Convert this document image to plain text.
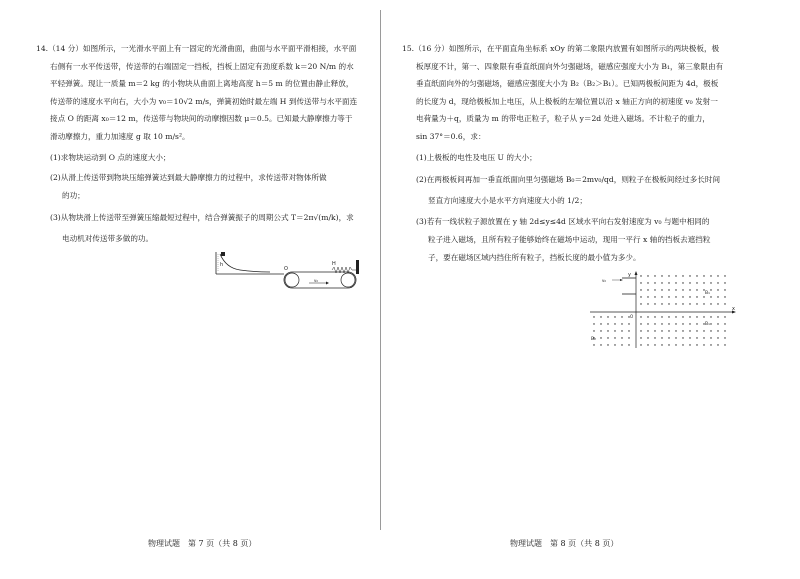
14.（14 分）如图所示，一光滑水平面上有一固定的光滑曲面，曲面与水平面平滑相接，水平面

右侧有一水平传送带，传送带的右端固定一挡板，挡板上固定有劲度系数 k＝20 N/m 的水

平轻弹簧。现让一质量 m＝2 kg 的小物块从曲面上离地高度 h＝5 m 的位置由静止释放，

传送带的速度水平向右，大小为 v₀＝10√2 m/s，弹簧初始时最左端 H 到传送带与水平面连

接点 O 的距离 x₀＝12 m，传送带与物块间的动摩擦因数 μ＝0.5。已知最大静摩擦力等于

滑动摩擦力，重力加速度 g 取 10 m/s²。

(1)求物块运动到 O 点的速度大小；

(2)从滑上传送带到物块压缩弹簧达到最大静摩擦力的过程中，求传送带对物体所做

的功；

(3)从物块滑上传送带至弹簧压缩最短过程中，结合弹簧振子的周期公式 T＝2π√(m/k)，求

电动机对传送带多做的功。

h
O
v₀
H

15.（16 分）如图所示，在平面直角坐标系 xOy 的第二象限内放置有如图所示的两块极板，极

板厚度不计，第一、四象限有垂直纸面向外匀强磁场，磁感应强度大小为 B₁，第三象限由有

垂直纸面向外的匀强磁场，磁感应强度大小为 B₂（B₂＞B₁）。已知两极板间距为 4d，极板

的长度为 d，现给极板加上电压，从上极板的左端位置以沿 x 轴正方向的初速度 v₀ 发射一

电荷量为＋q，质量为 m 的带电正粒子，粒子从 y＝2d 处进入磁场。不计粒子的重力，

sin 37°＝0.6，求：

(1)上极板的电性及电压 U 的大小；

(2)在两极板间再加一垂直纸面向里匀强磁场 B₀＝2mv₀/qd，则粒子在极板间经过多长时间

竖直方向速度大小是水平方向速度大小的 1/2；

(3)若有一线状粒子源放置在 y 轴 2d≤y≤4d 区域水平向右发射速度为 v₀ 与题中相同的

粒子进入磁场，且所有粒子能够始终在磁场中运动，现用一平行 x 轴的挡板去遮挡粒

子，要在磁场区域内挡住所有粒子，挡板长度的最小值为多少。

y
x
O
v₀
B₁
B₁
B₂
物理试题　第 7 页（共 8 页）	物理试题　第 8 页（共 8 页）
